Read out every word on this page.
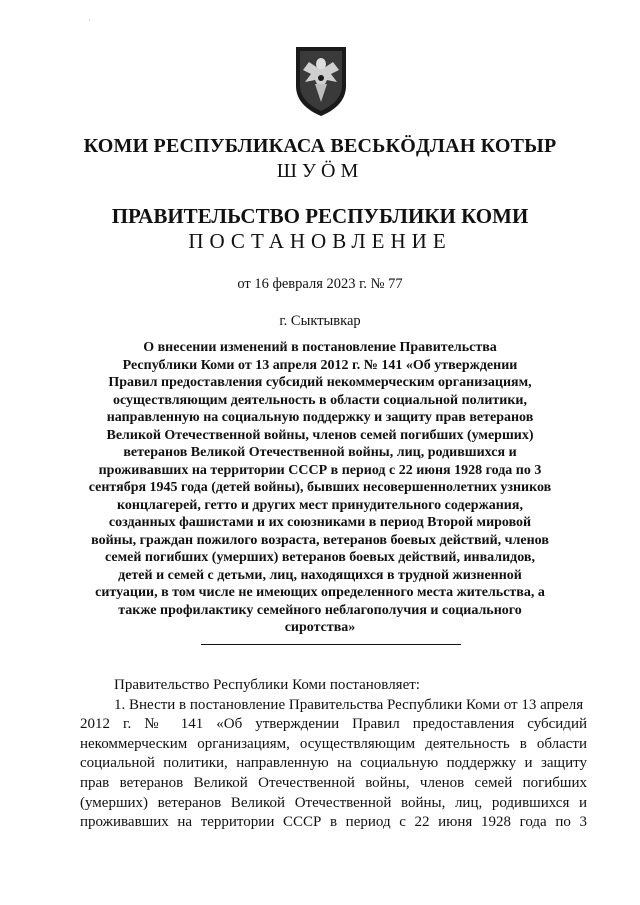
·
КОМИ РЕСПУБЛИКАСА ВЕСЬКӦДЛАН КОТЫР
ШУӦМ
ПРАВИТЕЛЬСТВО РЕСПУБЛИКИ КОМИ
ПОСТАНОВЛЕНИЕ
от 16 февраля 2023 г. № 77
г. Сыктывкар
О внесении изменений в постановление Правительства
Республики Коми от 13 апреля 2012 г. № 141 «Об утверждении
Правил предоставления субсидий некоммерческим организациям,
осуществляющим деятельность в области социальной политики,
направленную на социальную поддержку и защиту прав ветеранов
Великой Отечественной войны, членов семей погибших (умерших)
ветеранов Великой Отечественной войны, лиц, родившихся и
проживавших на территории СССР в период с 22 июня 1928 года по 3
сентября 1945 года (детей войны), бывших несовершеннолетних узников
концлагерей, гетто и других мест принудительного содержания,
созданных фашистами и их союзниками в период Второй мировой
войны, граждан пожилого возраста, ветеранов боевых действий, членов
семей погибших (умерших) ветеранов боевых действий, инвалидов,
детей и семей с детьми, лиц, находящихся в трудной жизненной
ситуации, в том числе не имеющих определенного места жительства, а
также профилактику семейного неблагополучия и социального
сиротства»
Правительство Республики Коми постановляет:
1. Внести в постановление Правительства Республики Коми от 13 апреля
2012 г. № 141 «Об утверждении Правил предоставления субсидий
некоммерческим организациям, осуществляющим деятельность в области
социальной политики, направленную на социальную поддержку и защиту
прав ветеранов Великой Отечественной войны, членов семей погибших
(умерших) ветеранов Великой Отечественной войны, лиц, родившихся и
проживавших на территории СССР в период с 22 июня 1928 года по 3
